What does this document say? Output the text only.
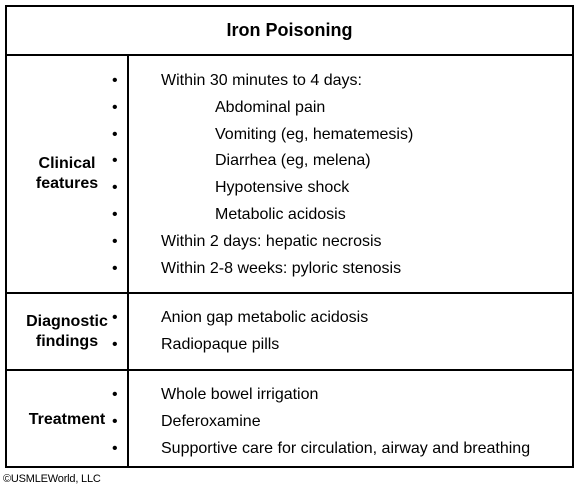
Iron Poisoning
Clinical
features
• Within 30 minutes to 4 days:
• Abdominal pain
• Vomiting (eg, hematemesis)
• Diarrhea (eg, melena)
• Hypotensive shock
• Metabolic acidosis
• Within 2 days: hepatic necrosis
• Within 2-8 weeks: pyloric stenosis
Diagnostic
findings
• Anion gap metabolic acidosis
• Radiopaque pills
Treatment
• Whole bowel irrigation
• Deferoxamine
• Supportive care for circulation, airway and breathing
©USMLEWorld, LLC
